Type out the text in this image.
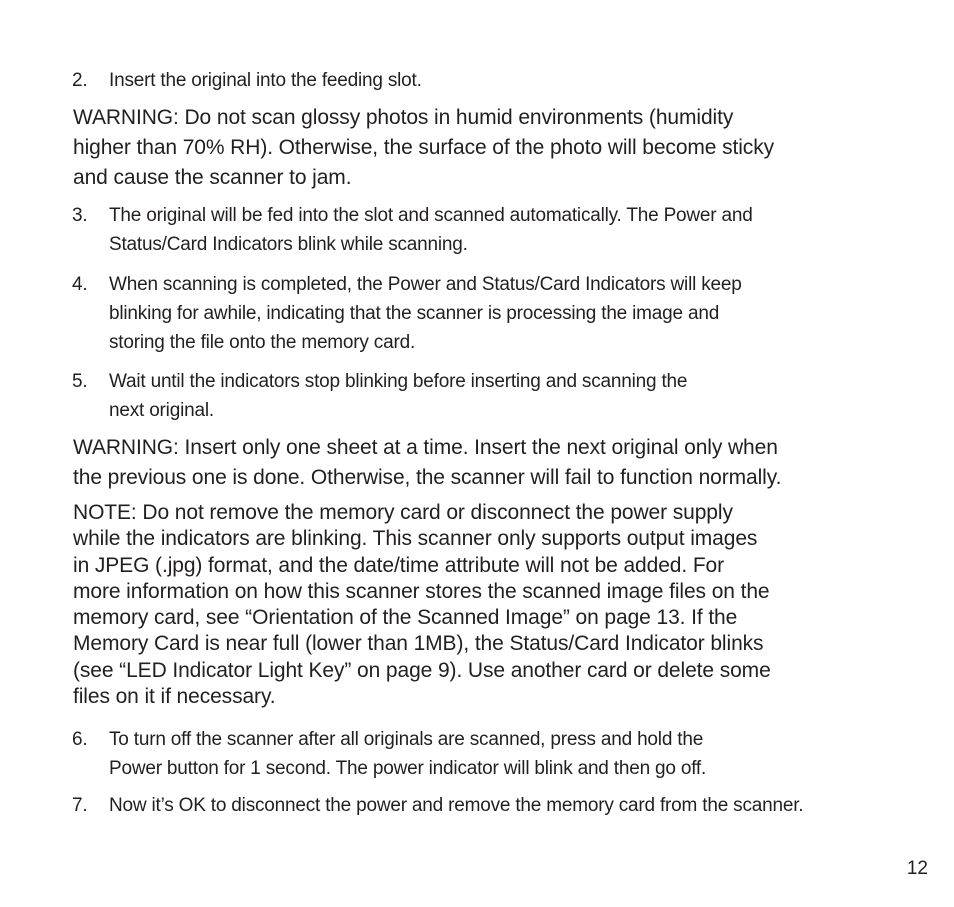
2. Insert the original into the feeding slot.
WARNING: Do not scan glossy photos in humid environments (humidity
higher than 70% RH). Otherwise, the surface of the photo will become sticky
and cause the scanner to jam.
3. The original will be fed into the slot and scanned automatically. The Power and
Status/Card Indicators blink while scanning.
4. When scanning is completed, the Power and Status/Card Indicators will keep
blinking for awhile, indicating that the scanner is processing the image and
storing the file onto the memory card.
5. Wait until the indicators stop blinking before inserting and scanning the
next original.
WARNING: Insert only one sheet at a time. Insert the next original only when
the previous one is done. Otherwise, the scanner will fail to function normally.
NOTE: Do not remove the memory card or disconnect the power supply
while the indicators are blinking. This scanner only supports output images
in JPEG (.jpg) format, and the date/time attribute will not be added. For
more information on how this scanner stores the scanned image files on the
memory card, see “Orientation of the Scanned Image” on page 13. If the
Memory Card is near full (lower than 1MB), the Status/Card Indicator blinks
(see “LED Indicator Light Key” on page 9). Use another card or delete some
files on it if necessary.
6. To turn off the scanner after all originals are scanned, press and hold the
Power button for 1 second. The power indicator will blink and then go off.
7. Now it’s OK to disconnect the power and remove the memory card from the scanner.
12
